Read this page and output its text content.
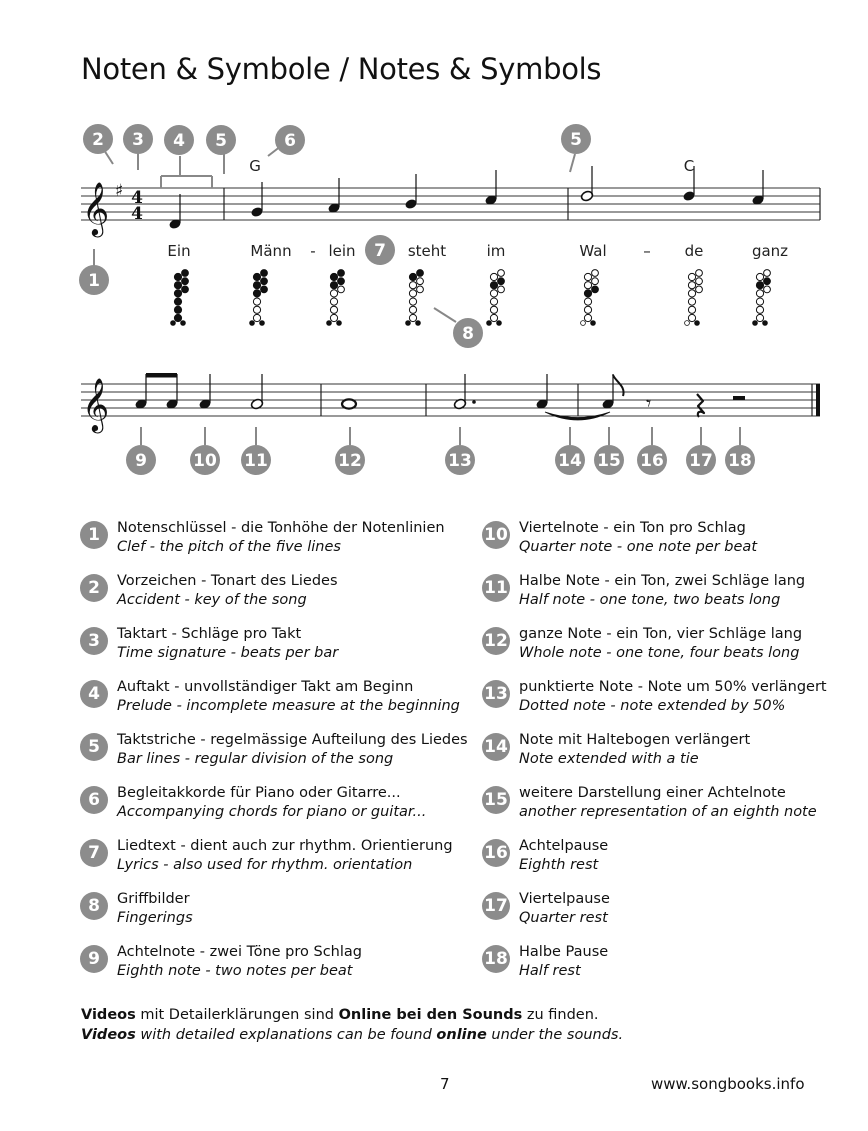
Noten & Symbole / Notes & Symbols
𝄞 ♯ 4
4
𝄞	𝄾
Ein	Männ - lein	steht	im	Wal – de	ganz
G	C
1
2 3 4	6
7
8
9	10 11	12	13	14 15 16 17 18
5	5
1	Notenschlüssel - die Tonhöhe der Notenlinien
Clef - the pitch of the five lines
2	Vorzeichen - Tonart des Liedes
Accident - key of the song
3	Taktart - Schläge pro Takt
Time signature - beats per bar
4	Auftakt - unvollständiger Takt am Beginn
Prelude - incomplete measure at the beginning
5	Taktstriche - regelmässige Aufteilung des Liedes
Bar lines - regular division of the song
6	Begleitakkorde für Piano oder Gitarre...
Accompanying chords for piano or guitar...
7	Liedtext - dient auch zur rhythm. Orientierung
Lyrics - also used for rhythm. orientation
8	Griffbilder
Fingerings
9	Achtelnote - zwei Töne pro Schlag
Eighth note - two notes per beat
10 Viertelnote - ein Ton pro Schlag
Quarter note - one note per beat
11 Halbe Note - ein Ton, zwei Schläge lang
Half note - one tone, two beats long
12 ganze Note - ein Ton, vier Schläge lang
Whole note - one tone, four beats long
13 punktierte Note - Note um 50% verlängert
Dotted note - note extended by 50%
14 Note mit Haltebogen verlängert
Note extended with a tie
15 weitere Darstellung einer Achtelnote
another representation of an eighth note
16 Achtelpause
Eighth rest
17 Viertelpause
Quarter rest
18 Halbe Pause
Half rest
Videos mit Detailerklärungen sind Online bei den Sounds zu finden.
Videos with detailed explanations can be found online under the sounds.
7	www.songbooks.info
